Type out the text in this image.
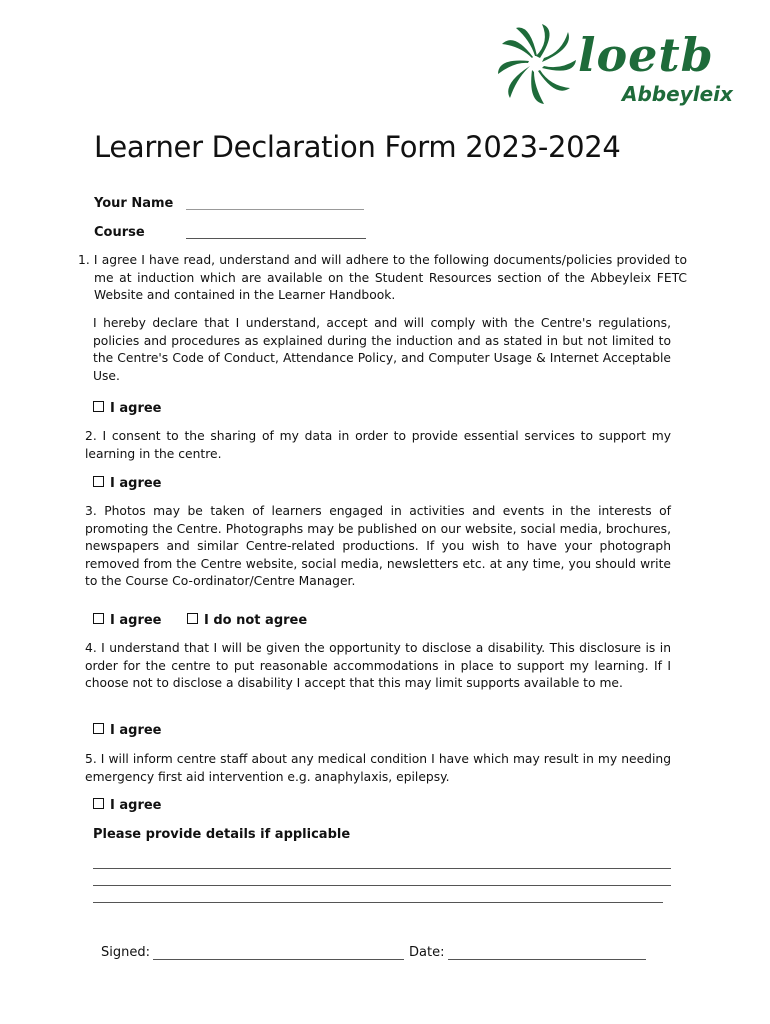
loetb
Abbeyleix
Learner Declaration Form 2023-2024
Your Name
Course

1. I agree I have read, understand and will adhere to the following documents/policies provided to me at induction which are available on the Student Resources section of the Abbeyleix FETC Website and contained in the Learner Handbook.

I hereby declare that I understand, accept and will comply with the Centre's regulations, policies and procedures as explained during the induction and as stated in but not limited to the Centre's Code of Conduct, Attendance Policy, and Computer Usage & Internet Acceptable Use.

I agree

2. I consent to the sharing of my data in order to provide essential services to support my learning in the centre.

I agree

3. Photos may be taken of learners engaged in activities and events in the interests of promoting the Centre. Photographs may be published on our website, social media, brochures, newspapers and similar Centre-related productions. If you wish to have your photograph removed from the Centre website, social media, newsletters etc. at any time, you should write to the Course Co-ordinator/Centre Manager.

I agree	I do not agree

4. I understand that I will be given the opportunity to disclose a disability. This disclosure is in order for the centre to put reasonable accommodations in place to support my learning. If I choose not to disclose a disability I accept that this may limit supports available to me.

I agree

5. I will inform centre staff about any medical condition I have which may result in my needing emergency first aid intervention e.g. anaphylaxis, epilepsy.

I agree
Please provide details if applicable
Signed:	Date:
